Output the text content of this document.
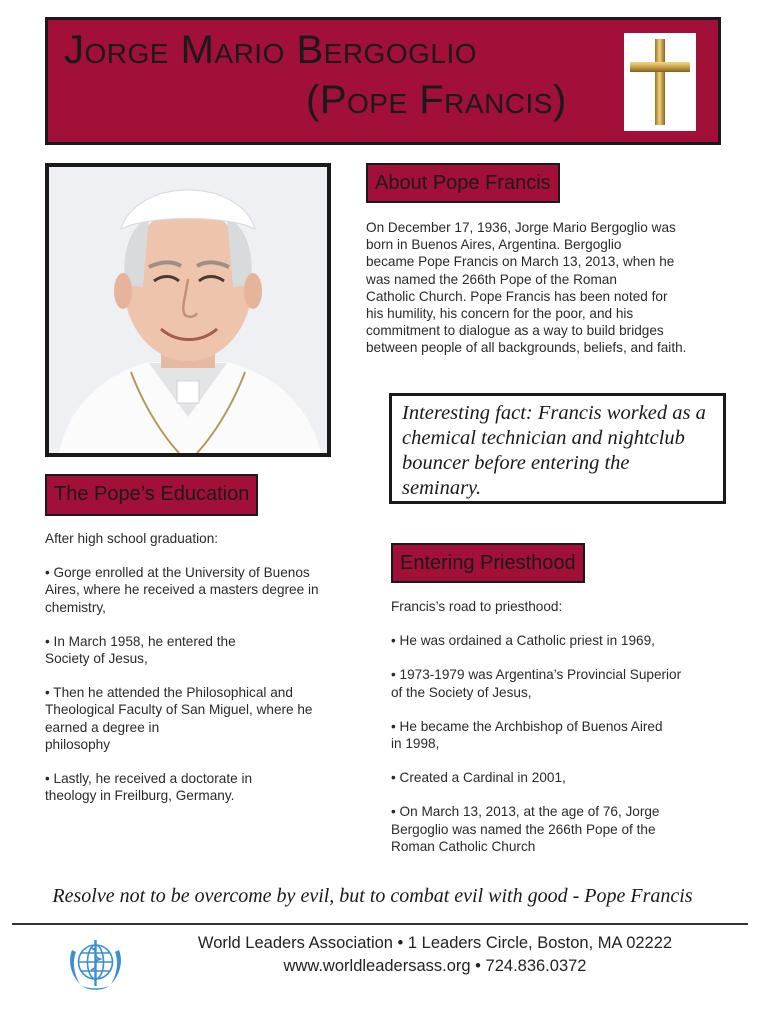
Jorge Mario Bergoglio
(Pope Francis)
About Pope Francis
On December 17, 1936, Jorge Mario Bergoglio was
born in Buenos Aires, Argentina. Bergoglio
became Pope Francis on March 13, 2013, when he
was named the 266th Pope of the Roman
Catholic Church. Pope Francis has been noted for
his humility, his concern for the poor, and his
commitment to dialogue as a way to build bridges
between people of all backgrounds, beliefs, and faith.
Interesting fact: Francis worked as a
chemical technician and nightclub
bouncer before entering the seminary.
The Pope’s Education
After high school graduation:
• Gorge enrolled at the University of Buenos
Aires, where he received a masters degree in
chemistry,
• In March 1958, he entered the
Society of Jesus,
• Then he attended the Philosophical and
Theological Faculty of San Miguel, where he
earned a degree in
philosophy
• Lastly, he received a doctorate in
theology in Freilburg, Germany.
Entering Priesthood
Francis’s road to priesthood:
• He was ordained a Catholic priest in 1969,
• 1973-1979 was Argentina’s Provincial Superior
of the Society of Jesus,
• He became the Archbishop of Buenos Aired
in 1998,
• Created a Cardinal in 2001,
• On March 13, 2013, at the age of 76, Jorge
Bergoglio was named the 266th Pope of the
Roman Catholic Church
Resolve not to be overcome by evil, but to combat evil with good - Pope Francis
World Leaders Association • 1 Leaders Circle, Boston, MA 02222
www.worldleadersass.org • 724.836.0372
